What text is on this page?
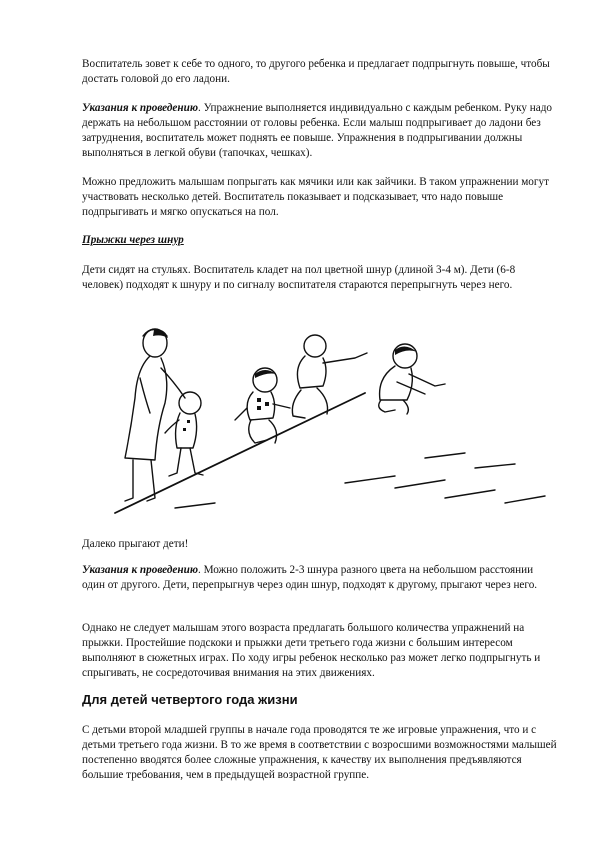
Воспитатель зовет к себе то одного, то другого ребенка и предлагает подпрыгнуть повыше, чтобы достать головой до его ладони.

Указания к проведению. Упражнение выполняется индивидуально с каждым ребенком. Руку надо держать на небольшом расстоянии от головы ребенка. Если малыш подпрыгивает до ладони без затруднения, воспитатель может поднять ее повыше. Упражнения в подпрыгивании должны выполняться в легкой обуви (тапочках, чешках).

Можно предложить малышам попрыгать как мячики или как зайчики. В таком упражнении могут участвовать несколько детей. Воспитатель показывает и подсказывает, что надо повыше подпрыгивать и мягко опускаться на пол.

Прыжки через шнур

Дети сидят на стульях. Воспитатель кладет на пол цветной шнур (длиной 3-4 м). Дети (6-8 человек) подходят к шнуру и по сигналу воспитателя стараются перепрыгнуть через него.

Далеко прыгают дети!

Указания к проведению. Можно положить 2-3 шнура разного цвета на небольшом расстоянии один от другого. Дети, перепрыгнув через один шнур, подходят к другому, прыгают через него.

Однако не следует малышам этого возраста предлагать большого количества упражнений на прыжки. Простейшие подскоки и прыжки дети третьего года жизни с большим интересом выполняют в сюжетных играх. По ходу игры ребенок несколько раз может легко подпрыгнуть и спрыгивать, не сосредоточивая внимания на этих движениях.

Для детей четвертого года жизни

С детьми второй младшей группы в начале года проводятся те же игровые упражнения, что и с детьми третьего года жизни. В то же время в соответствии с возросшими возможностями малышей постепенно вводятся более сложные упражнения, к качеству их выполнения предъявляются большие требования, чем в предыдущей возрастной группе.
